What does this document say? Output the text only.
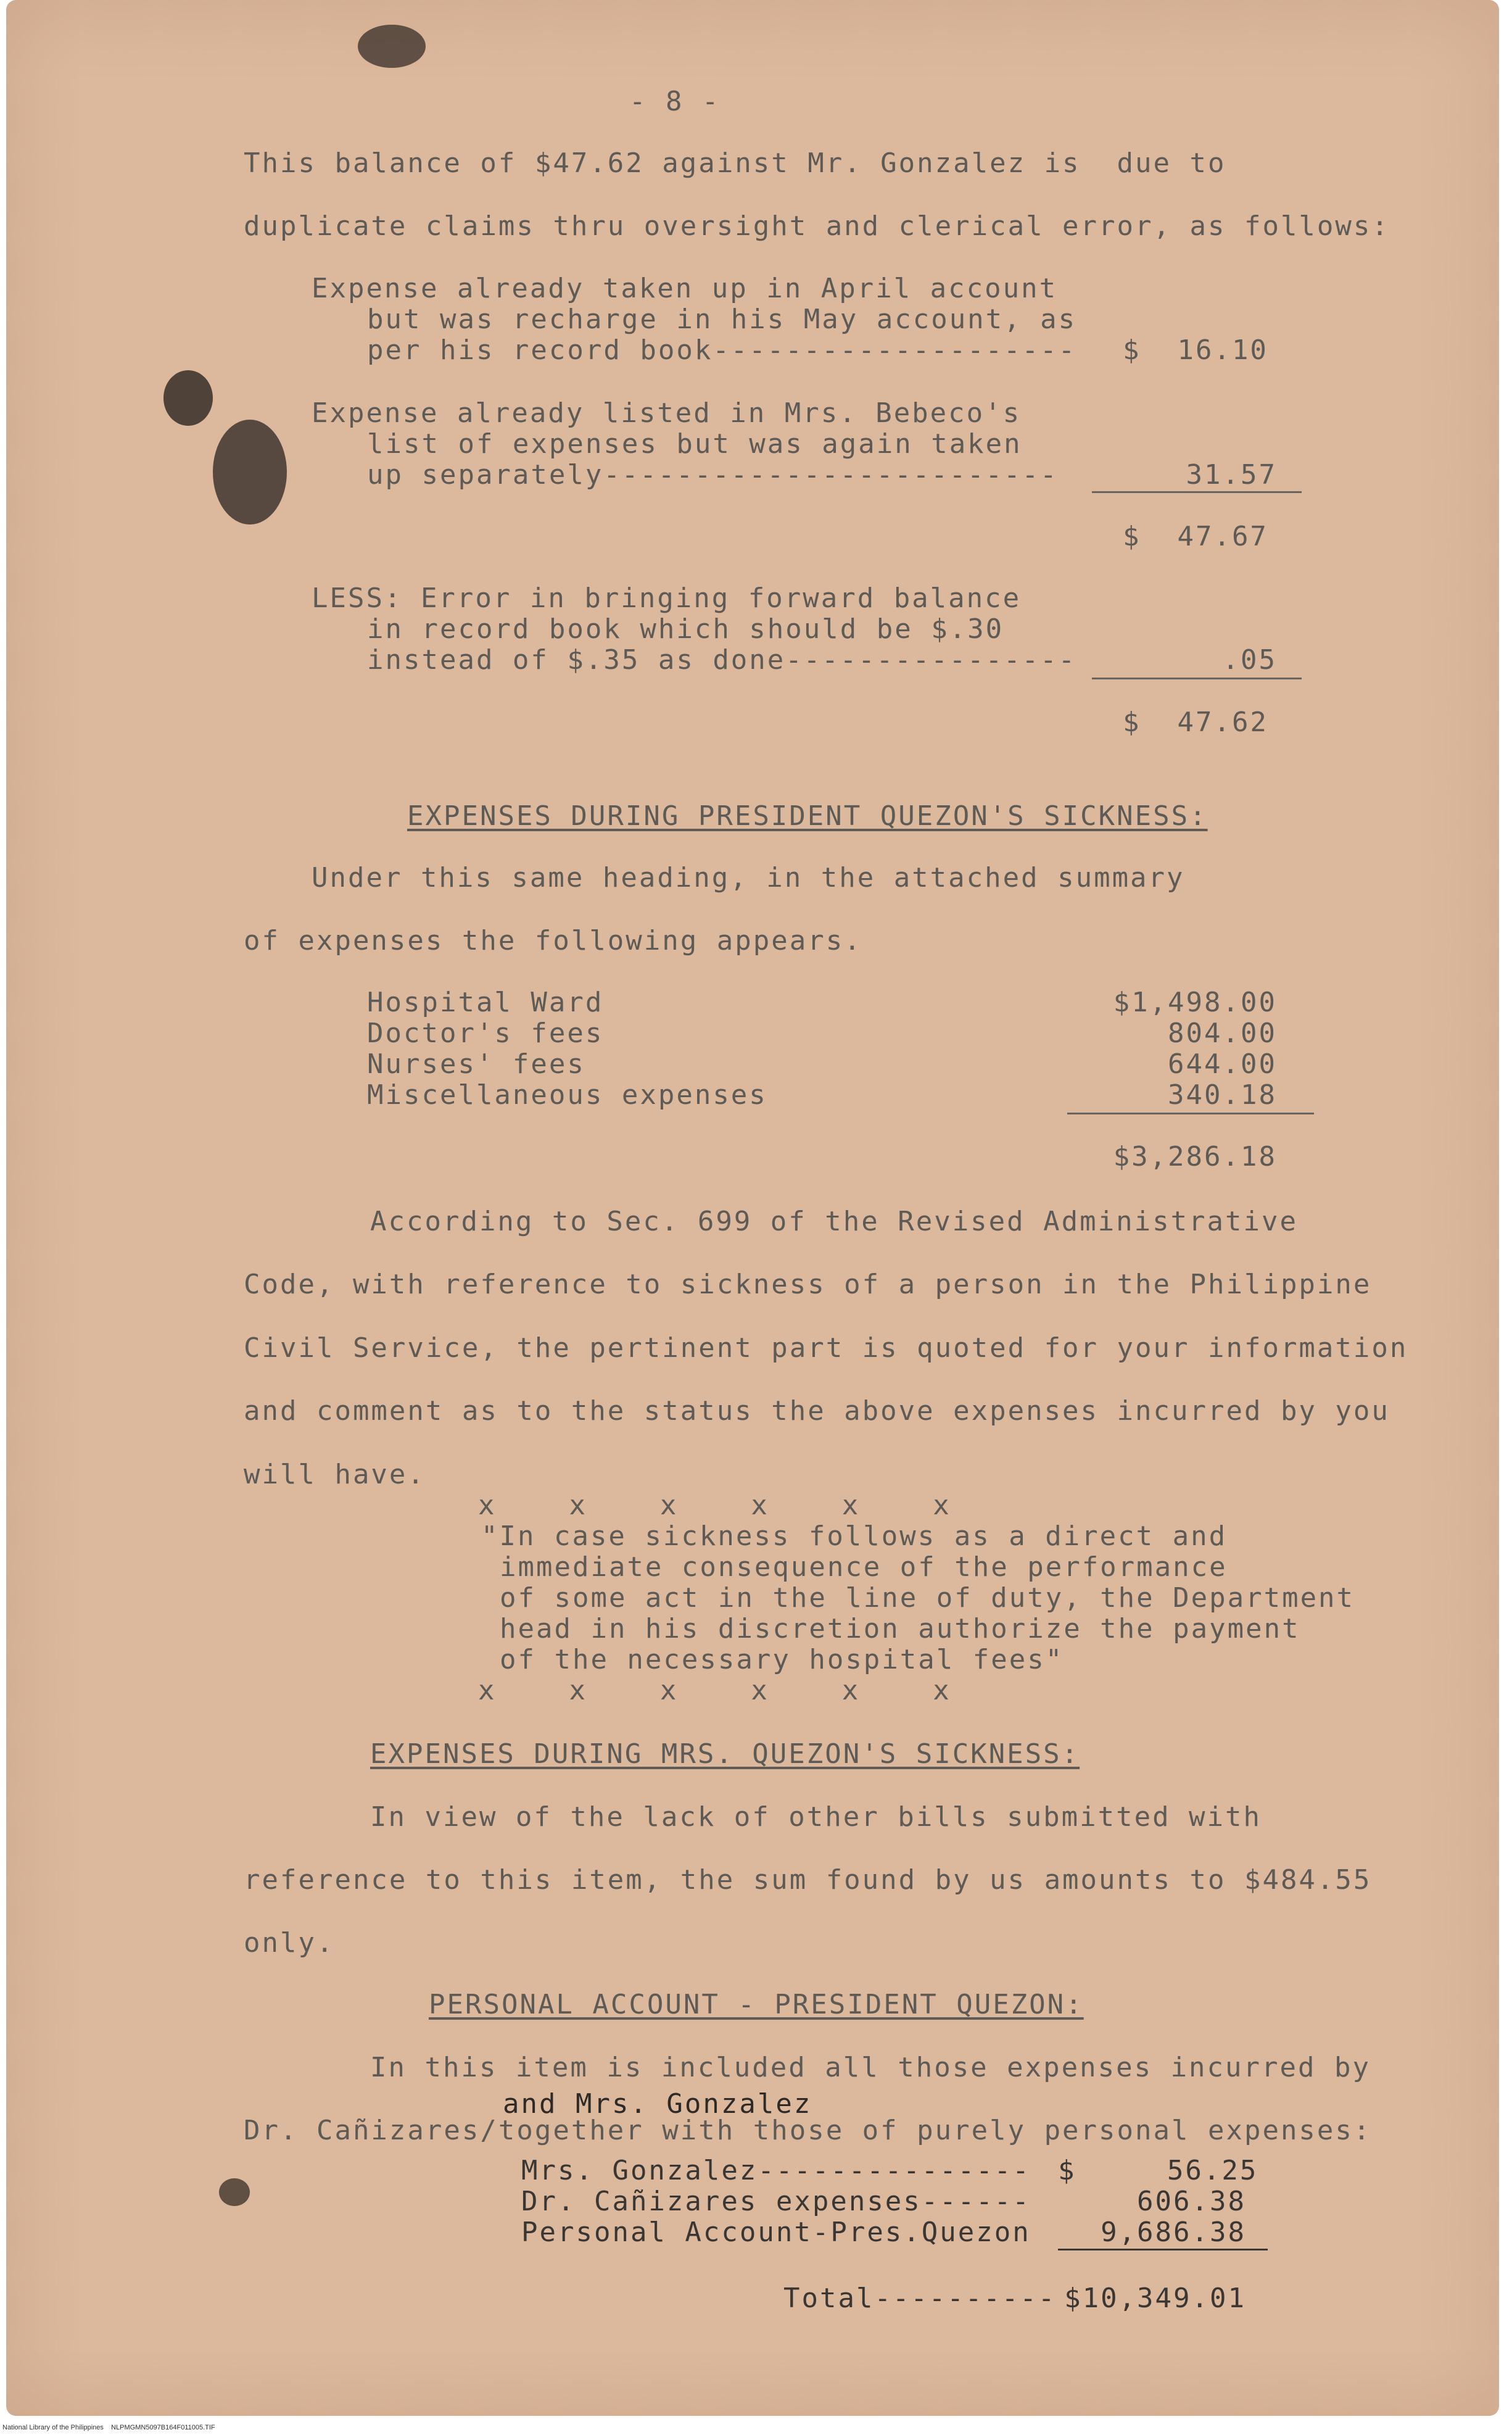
- 8 -
This balance of $47.62 against Mr. Gonzalez is  due to
duplicate claims thru oversight and clerical error, as follows:
Expense already taken up in April account
but was recharge in his May account, as
per his record book-------------------- $  16.10
Expense already listed in Mrs. Bebeco's
list of expenses but was again taken
up separately-------------------------	31.57
$  47.67
LESS: Error in bringing forward balance
in record book which should be $.30
instead of $.35 as done----------------	.05
$  47.62
EXPENSES DURING PRESIDENT QUEZON'S SICKNESS:
Under this same heading, in the attached summary
of expenses the following appears.
Hospital Ward	$1,498.00
Doctor's fees	804.00
Nurses' fees	644.00
Miscellaneous expenses	340.18
$3,286.18
According to Sec. 699 of the Revised Administrative
Code, with reference to sickness of a person in the Philippine
Civil Service, the pertinent part is quoted for your information
and comment as to the status the above expenses incurred by you
will have.
x    x    x    x    x    x
"In case sickness follows as a direct and
immediate consequence of the performance
of some act in the line of duty, the Department
head in his discretion authorize the payment
of the necessary hospital fees"
x    x    x    x    x    x
EXPENSES DURING MRS. QUEZON'S SICKNESS:
In view of the lack of other bills submitted with
reference to this item, the sum found by us amounts to $484.55
only.
PERSONAL ACCOUNT - PRESIDENT QUEZON:
In this item is included all those expenses incurred by
and Mrs. Gonzalez
Dr. Cañizares/together with those of purely personal expenses:
Mrs. Gonzalez--------------- $     56.25
Dr. Cañizares expenses------	606.38
Personal Account-Pres.Quezon	9,686.38
Total---------- $10,349.01
National Library of the Philippines    NLPMGMN5097B164F011005.TIF
